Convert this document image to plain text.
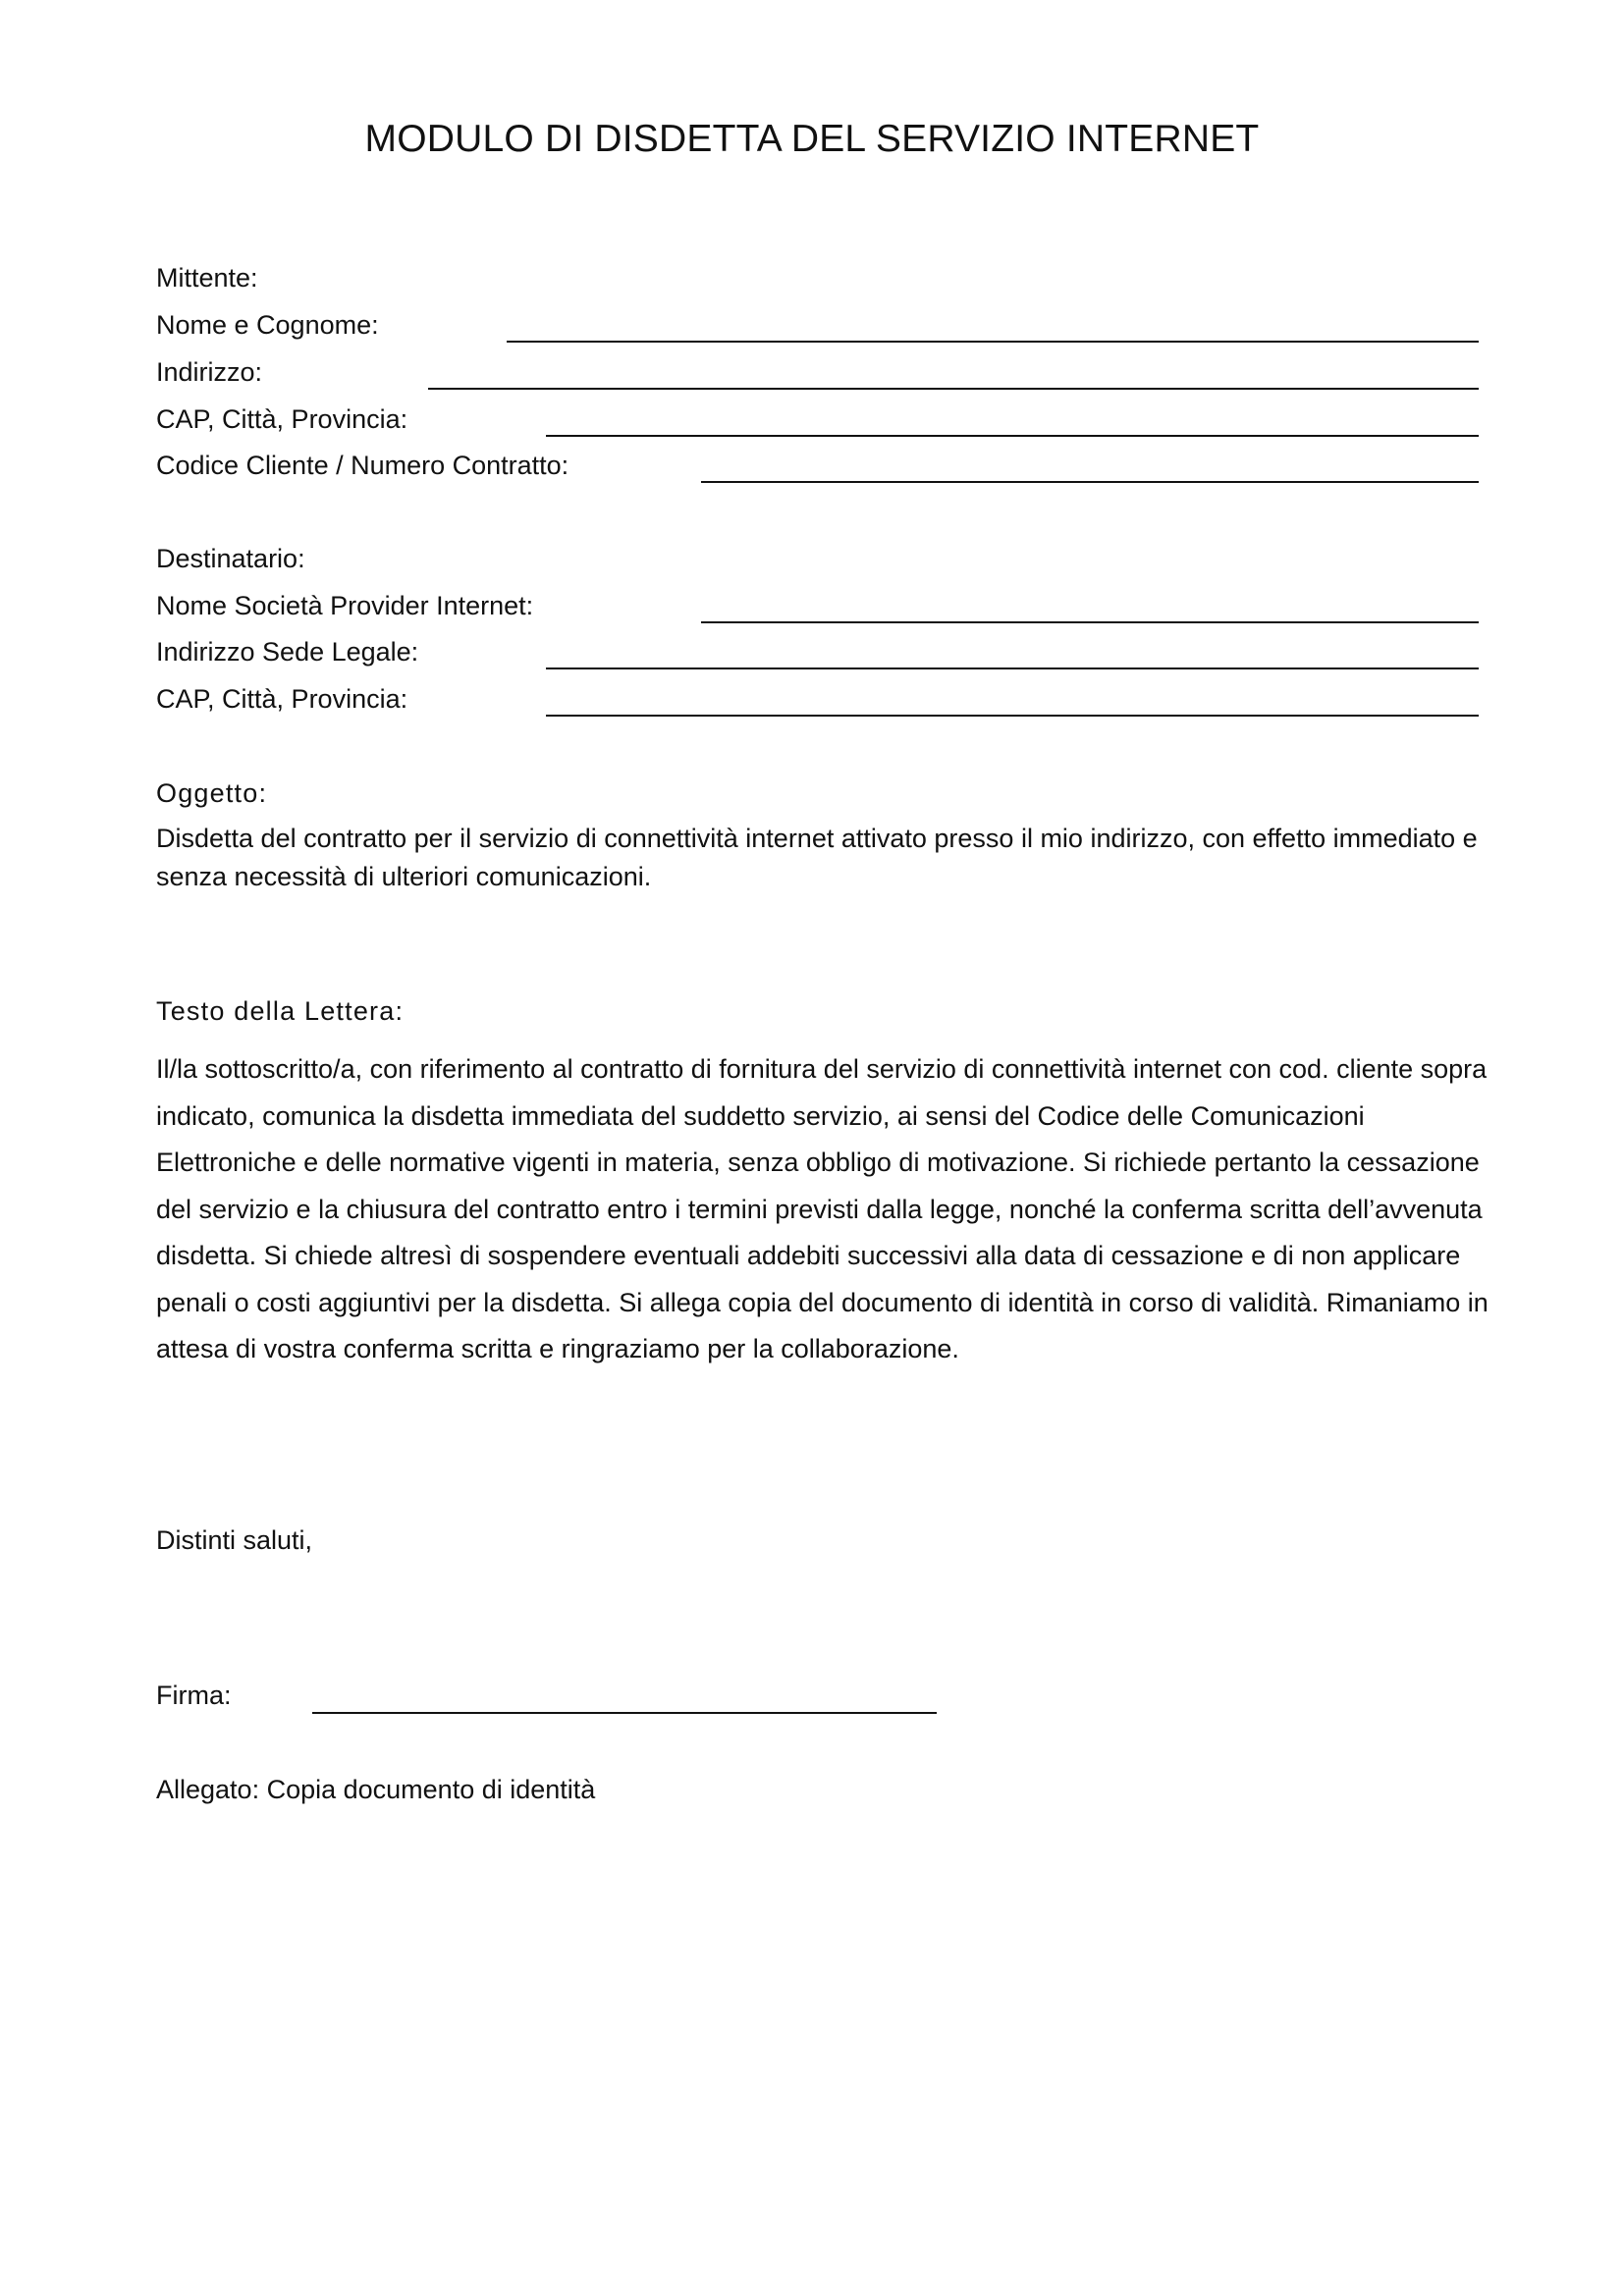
MODULO DI DISDETTA DEL SERVIZIO INTERNET
Mittente:
Nome e Cognome:
Indirizzo:
CAP, Città, Provincia:
Codice Cliente / Numero Contratto:
Destinatario:
Nome Società Provider Internet:
Indirizzo Sede Legale:
CAP, Città, Provincia:
Oggetto:
Disdetta del contratto per il servizio di connettività internet attivato presso il mio indirizzo, con effetto immediato e senza necessità di ulteriori comunicazioni.
Testo della Lettera:
Il/la sottoscritto/a, con riferimento al contratto di fornitura del servizio di connettività internet con cod. cliente sopra indicato, comunica la disdetta immediata del suddetto servizio, ai sensi del Codice delle Comunicazioni Elettroniche e delle normative vigenti in materia, senza obbligo di motivazione. Si richiede pertanto la cessazione del servizio e la chiusura del contratto entro i termini previsti dalla legge, nonché la conferma scritta dell’avvenuta disdetta. Si chiede altresì di sospendere eventuali addebiti successivi alla data di cessazione e di non applicare penali o costi aggiuntivi per la disdetta. Si allega copia del documento di identità in corso di validità. Rimaniamo in attesa di vostra conferma scritta e ringraziamo per la collaborazione.
Distinti saluti,
Firma:
Allegato: Copia documento di identità
